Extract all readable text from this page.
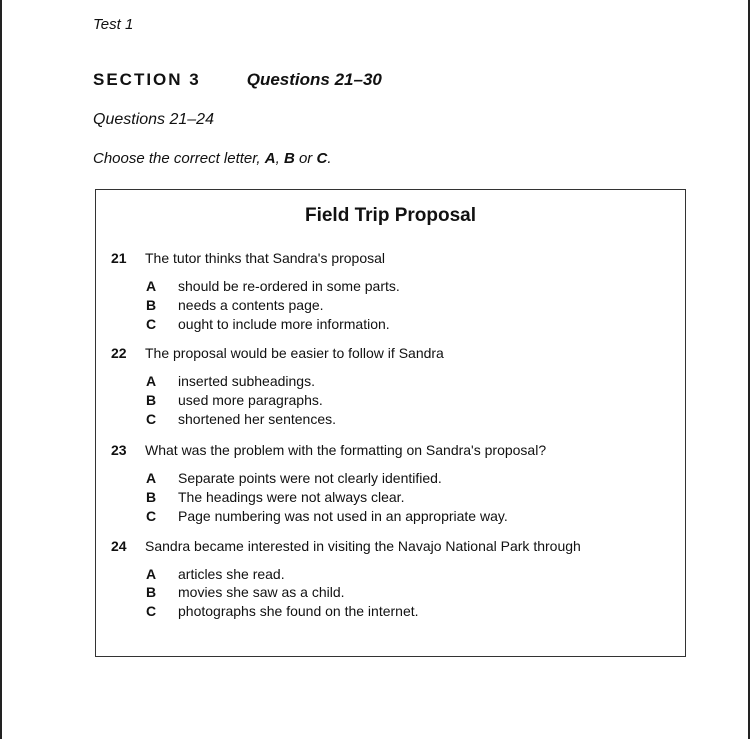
Test 1
SECTION 3	Questions 21–30
Questions 21–24
Choose the correct letter, A, B or C.
Field Trip Proposal
21 The tutor thinks that Sandra's proposal
A should be re-ordered in some parts.
B needs a contents page.
C ought to include more information.
22 The proposal would be easier to follow if Sandra
A inserted subheadings.
B used more paragraphs.
C shortened her sentences.
23 What was the problem with the formatting on Sandra's proposal?
A Separate points were not clearly identified.
B The headings were not always clear.
C Page numbering was not used in an appropriate way.
24 Sandra became interested in visiting the Navajo National Park through
A articles she read.
B movies she saw as a child.
C photographs she found on the internet.
